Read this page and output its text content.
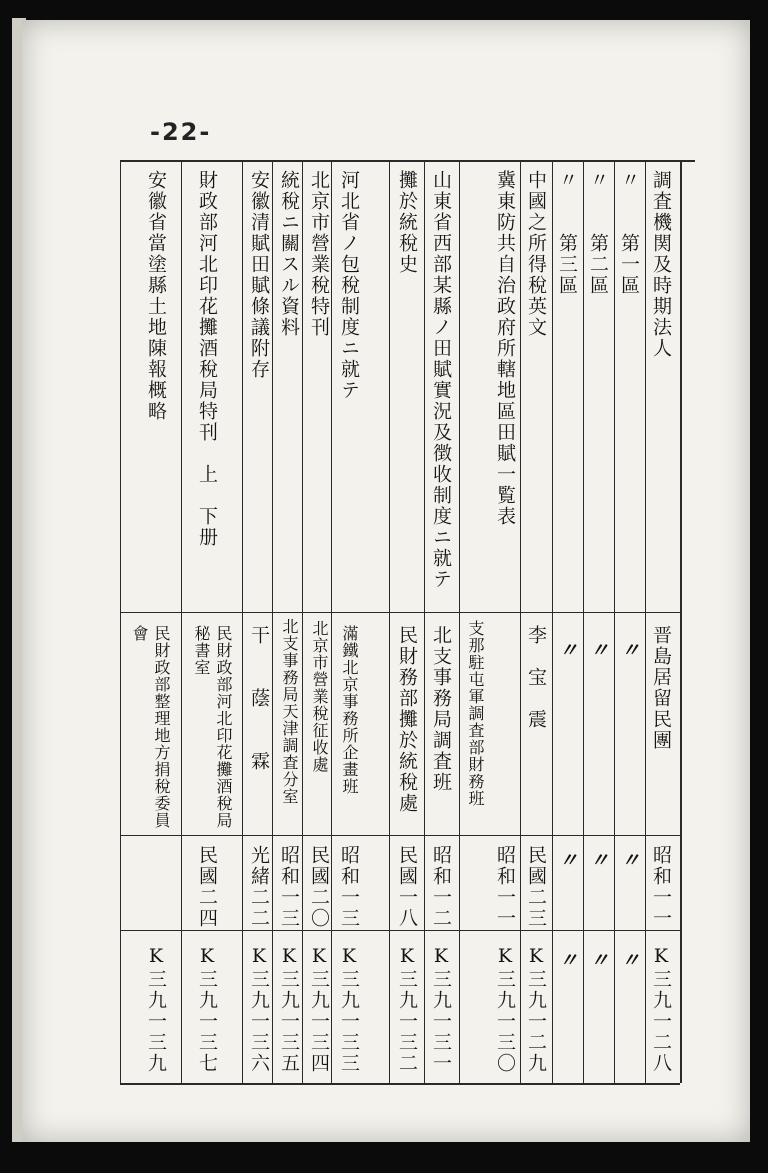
-22-
調査機関及時期法人
晋島居留民團
昭和一一
K三九一二八
〃　　第一區
〃
〃
〃
〃　　第二區
〃
〃
〃
〃　　第三區
〃
〃
〃
中國之所得稅英文
李　宝　震
民國二三
K三九一二九
冀東防共自治政府所轄地區田賦一覧表
支那駐屯軍調査部財務班
昭和一一
K三九一三〇
山東省西部某縣ノ田賦實況及徴收制度ニ就テ
北支事務局調査班
昭和一二
K三九一三一
攤於統稅史
民財務部攤於統稅處
民國一八
K三九一三二
河北省ノ包稅制度ニ就テ
滿鐵北京事務所企畫班
昭和一三
K三九一三三
北京市營業稅特刊
北京市營業稅征收處
民國二〇
K三九一三四
統稅ニ關スル資料
北支事務局天津調査分室
昭和一三
K三九一三五
安徽清賦田賦條議附存
干　　蔭　　霖
光緒二二
K三九一三六
財政部河北印花攤酒稅局特刊　上　下册
民財政部河北印花攤酒稅局秘書室
民國二四
K三九一三七
安徽省當塗縣土地陳報概略
民財政部整理地方捐稅委員會
K三九一三九
